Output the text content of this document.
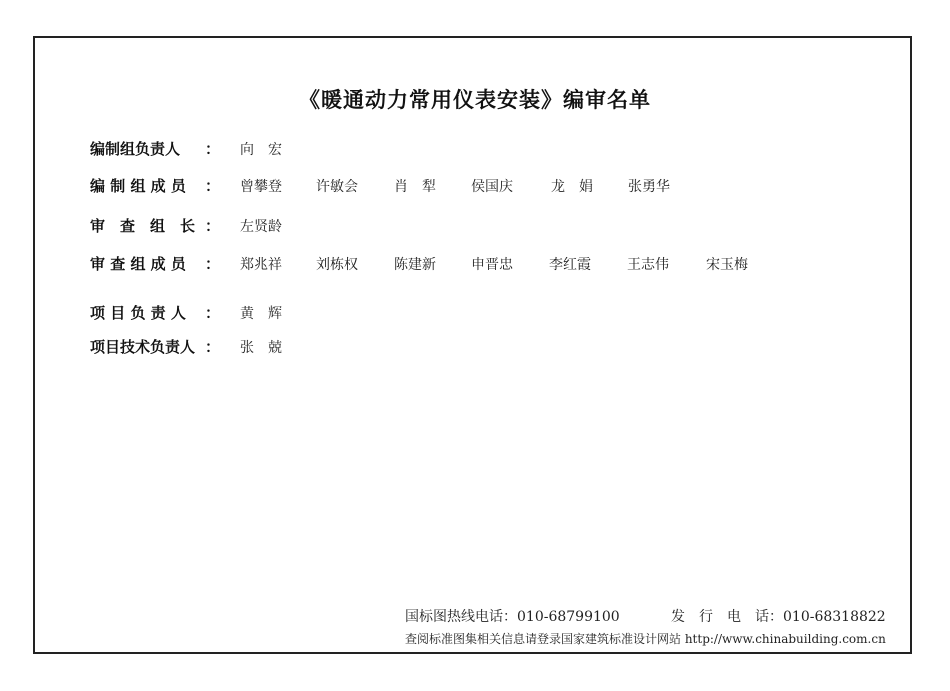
《暖通动力常用仪表安装》编审名单
编制组负责人 ： 向　宏
编 制 组 成 员 ： 曾攀登 许敏会	肖　犁	侯国庆	龙　娟	张勇华
审　查　组　长 ： 左贤龄
审 查 组 成 员 ： 郑兆祥 刘栋权	陈建新	申晋忠	李红霞	王志伟	宋玉梅
项 目 负 责 人 ： 黄　辉
项目技术负责人 ： 张　兢
国标图热线电话：010-68799100	发　行　电　话：010-68318822
查阅标准图集相关信息请登录国家建筑标准设计网站 http://www.chinabuilding.com.cn
